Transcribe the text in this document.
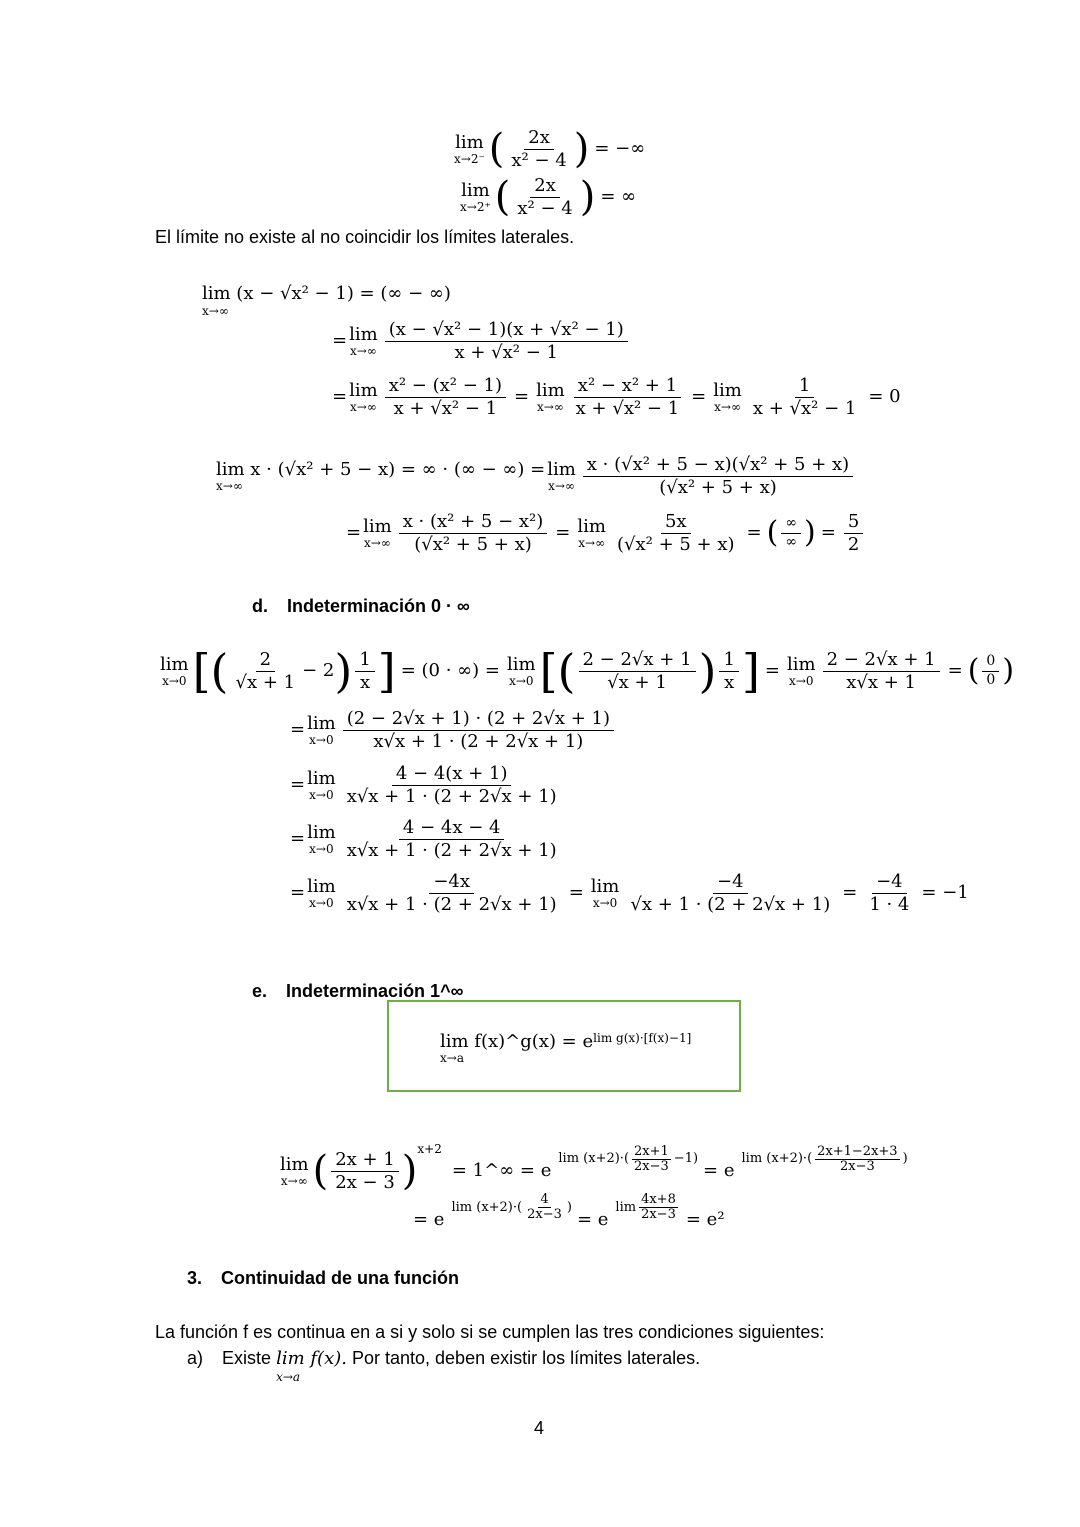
lim
x→2⁻ ( $\frac{2x}{\text{x² − 4}}$ ) = −∞
lim
x→2⁺ ( $\frac{2x}{\text{x² − 4}}$ ) = ∞
El límite no existe al no coincidir los límites laterales.
lim (x − √x² − 1) = (∞ − ∞)
x→∞
= lim
$x\to\infty \frac{\text{(x − √x² − 1)(x + √x² − 1)}}{\text{x + √x² − 1}}$
= lim
$x\to\infty \frac{\text{x² − (x² − 1)}}{\text{x + √x² − 1}} = \lim$
$x\to\infty \frac{\text{x² − x² + 1}}{\text{x + √x² − 1}} = \lim$
$x\to\infty \frac{1}{\text{x + √x² − 1}} = 0$
lim x · (√x² + 5 − x) = ∞ · (∞ − ∞) =
x→∞
lim
$x\to\infty \frac{\text{x · (√x² + 5 − x)(√x² + 5 + x)}}{\text{(√x² + 5 + x)}}$
= lim
$x\to\infty \frac{\text{x · (x² + 5 − x²)}}{\text{(√x² + 5 + x)}} = \lim$
$x\to\infty \frac{5x}{\text{(√x² + 5 + x)}}$ = ( $\frac{\infty}{\infty}$ ) = $\frac{5}{2}$
d. Indeterminación 0 · ∞
lim
x→0 [( $\frac{2}{√x + 1} - 2$ ) $\frac{1}{x}$ ] = (0 · ∞) = lim
x→0 [( $\frac{2 - 2√x + 1}{√x + 1}$ ) $\frac{1}{x}$ ] = lim
$x\to 0 \frac{2 - 2√x + 1}{x√x + 1}$ = ( $\frac{0}{0}$ )
= lim
$x\to 0 \frac{(2 - 2√x + 1) \cdot (2 + 2√x + 1)}{x√x + 1 \cdot (2 + 2√x + 1)}$
= lim
$x\to 0 \frac{4 - 4(x + 1)}{x√x + 1 \cdot (2 + 2√x + 1)}$
= lim
$x\to 0 \frac{4 - 4x - 4}{x√x + 1 \cdot (2 + 2√x + 1)}$
= lim
$x\to 0 \frac{-4x}{x√x + 1 \cdot (2 + 2√x + 1)} = \lim$
$x\to 0 \frac{-4}{√x + 1 \cdot (2 + 2√x + 1)} = \frac{-4}{1 \cdot 4} = -1$
e. Indeterminación 1^∞
lim f(x)^g(x) = e
x→a
lim g(x)·[f(x)−1]
lim
x→∞ ( $\frac{2x + 1}{2x - 3}$ ) x+2
= 1^∞ = e
lim (x+2)· ( $\frac{2x+1}{2x-3} -1$ )
= e
lim (x+2)· ( $\frac{2x+1-2x+3}{2x-3}$ )
= e
lim (x+2)· ( $\frac{4}{2x-3}$ )
= e
$\lim \frac{4x+8}{2x-3} = e^2$
3. Continuidad de una función
La función f es continua en a si y solo si se cumplen las tres condiciones siguientes:
a) Existe lim f(x).
x→a
Por tanto, deben existir los límites laterales.
4
